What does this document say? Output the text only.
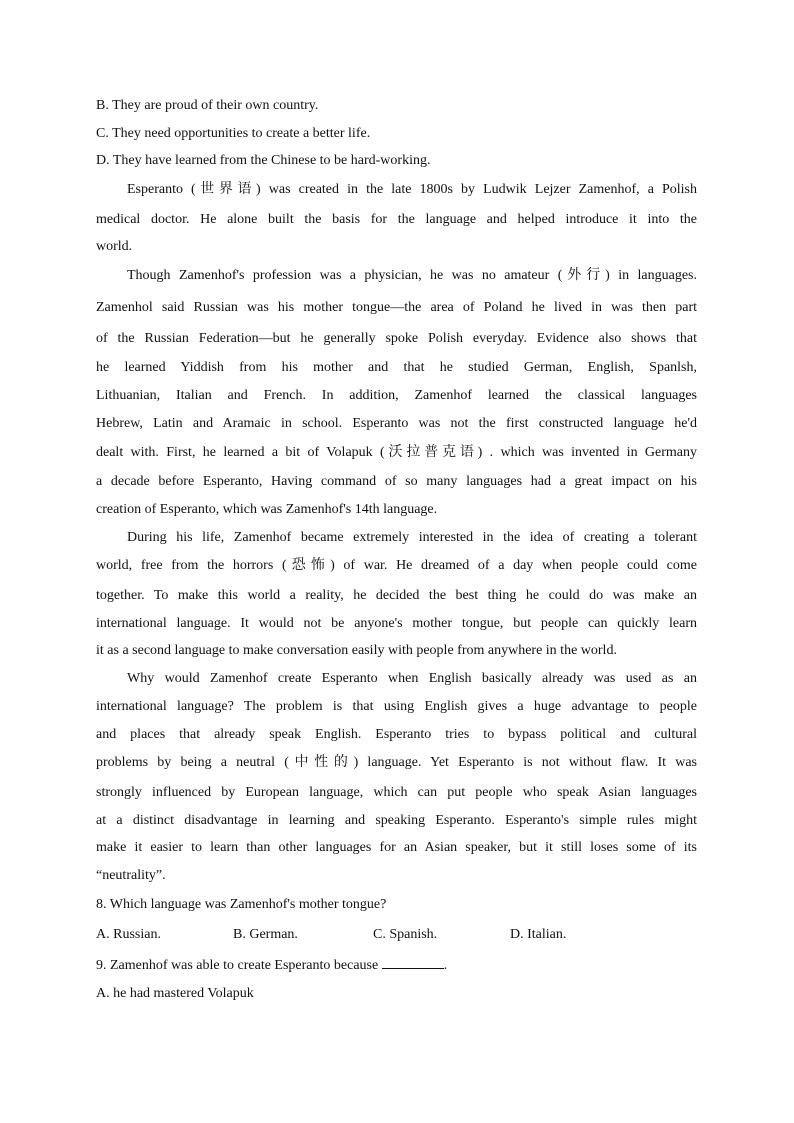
B. They are proud of their own country.
C. They need opportunities to create a better life.
D. They have learned from the Chinese to be hard-working.
Esperanto (世界语) was created in the late 1800s by Ludwik Lejzer Zamenhof, a Polish
medical doctor. He alone built the basis for the language and helped introduce it into the
world.
Though Zamenhof's profession was a physician, he was no amateur (外行) in languages.
Zamenhol said Russian was his mother tongue—the area of Poland he lived in was then part
of the Russian Federation—but he generally spoke Polish everyday. Evidence also shows that
he learned Yiddish from his mother and that he studied German, English, Spanlsh,
Lithuanian, Italian and French. In addition, Zamenhof learned the classical languages
Hebrew, Latin and Aramaic in school. Esperanto was not the first constructed language he'd
dealt with. First, he learned a bit of Volapuk (沃拉普克语) . which was invented in Germany
a decade before Esperanto, Having command of so many languages had a great impact on his
creation of Esperanto, which was Zamenhof's 14th language.
During his life, Zamenhof became extremely interested in the idea of creating a tolerant
world, free from the horrors (恐怖) of war. He dreamed of a day when people could come
together. To make this world a reality, he decided the best thing he could do was make an
international language. It would not be anyone's mother tongue, but people can quickly learn
it as a second language to make conversation easily with people from anywhere in the world.
Why would Zamenhof create Esperanto when English basically already was used as an
international language? The problem is that using English gives a huge advantage to people
and places that already speak English. Esperanto tries to bypass political and cultural
problems by being a neutral (中性的) language. Yet Esperanto is not without flaw. It was
strongly influenced by European language, which can put people who speak Asian languages
at a distinct disadvantage in learning and speaking Esperanto. Esperanto's simple rules might
make it easier to learn than other languages for an Asian speaker, but it still loses some of its
“neutrality”.
8. Which language was Zamenhof's mother tongue?
A. Russian.	B. German.	C. Spanish.	D. Italian.
9. Zamenhof was able to create Esperanto because	.
A. he had mastered Volapuk
